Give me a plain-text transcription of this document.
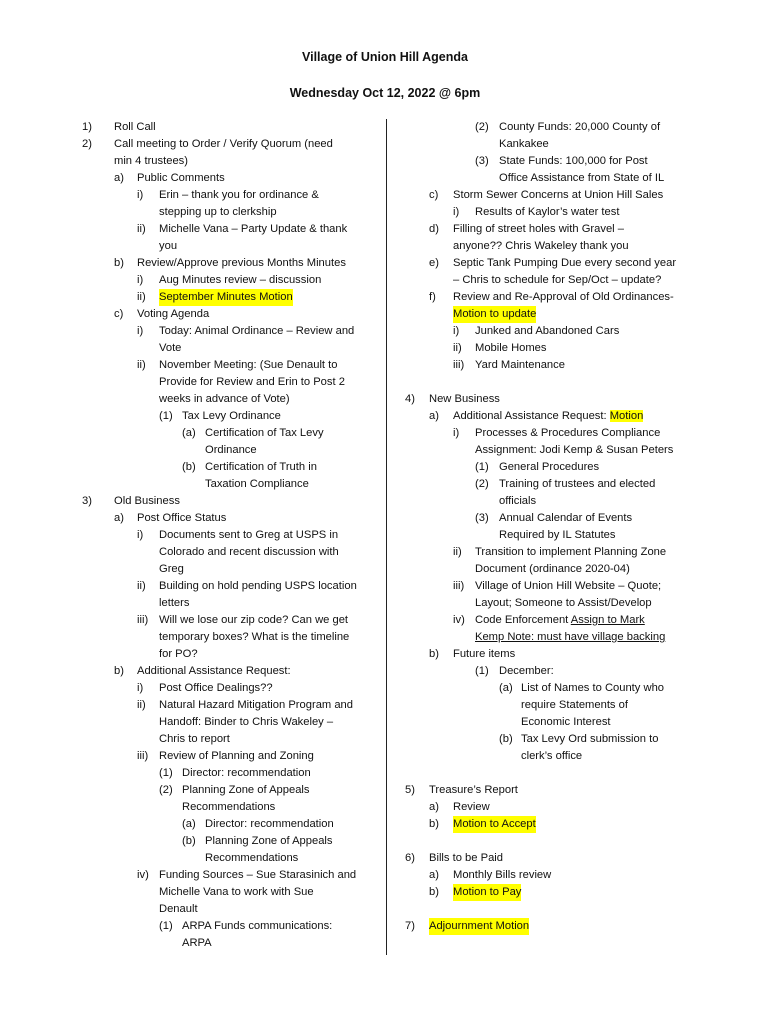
Village of Union Hill Agenda
Wednesday Oct 12, 2022 @ 6pm
1) Roll Call
2) Call meeting to Order / Verify Quorum (need
min 4 trustees)
a) Public Comments
i) Erin – thank you for ordinance &
stepping up to clerkship
ii) Michelle Vana – Party Update & thank
you
b) Review/Approve previous Months Minutes
i) Aug Minutes review – discussion
ii) September Minutes Motion
c) Voting Agenda
i) Today: Animal Ordinance – Review and
Vote
ii) November Meeting: (Sue Denault to
Provide for Review and Erin to Post 2
weeks in advance of Vote)
(1) Tax Levy Ordinance
(a) Certification of Tax Levy
Ordinance
(b) Certification of Truth in
Taxation Compliance
3) Old Business
a) Post Office Status
i) Documents sent to Greg at USPS in
Colorado and recent discussion with
Greg
ii) Building on hold pending USPS location
letters
iii) Will we lose our zip code? Can we get
temporary boxes? What is the timeline
for PO?
b) Additional Assistance Request:
i) Post Office Dealings??
ii) Natural Hazard Mitigation Program and
Handoff: Binder to Chris Wakeley –
Chris to report
iii) Review of Planning and Zoning
(1) Director: recommendation
(2) Planning Zone of Appeals
Recommendations
(a) Director: recommendation
(b) Planning Zone of Appeals
Recommendations
iv) Funding Sources – Sue Starasinich and
Michelle Vana to work with Sue
Denault
(1) ARPA Funds communications:
ARPA
(2) County Funds: 20,000 County of
Kankakee
(3) State Funds: 100,000 for Post
Office Assistance from State of IL
c) Storm Sewer Concerns at Union Hill Sales
i) Results of Kaylor’s water test
d) Filling of street holes with Gravel –
anyone?? Chris Wakeley thank you
e) Septic Tank Pumping Due every second year
– Chris to schedule for Sep/Oct – update?
f) Review and Re-Approval of Old Ordinances-
Motion to update
i) Junked and Abandoned Cars
ii) Mobile Homes
iii) Yard Maintenance
4) New Business
a) Additional Assistance Request: Motion
i) Processes & Procedures Compliance
Assignment: Jodi Kemp & Susan Peters
(1) General Procedures
(2) Training of trustees and elected
officials
(3) Annual Calendar of Events
Required by IL Statutes
ii) Transition to implement Planning Zone
Document (ordinance 2020-04)
iii) Village of Union Hill Website – Quote;
Layout; Someone to Assist/Develop
iv) Code Enforcement Assign to Mark
Kemp Note: must have village backing
b) Future items
(1) December:
(a) List of Names to County who
require Statements of
Economic Interest
(b) Tax Levy Ord submission to
clerk’s office
5) Treasure’s Report
a) Review
b) Motion to Accept
6) Bills to be Paid
a) Monthly Bills review
b) Motion to Pay
7) Adjournment Motion
